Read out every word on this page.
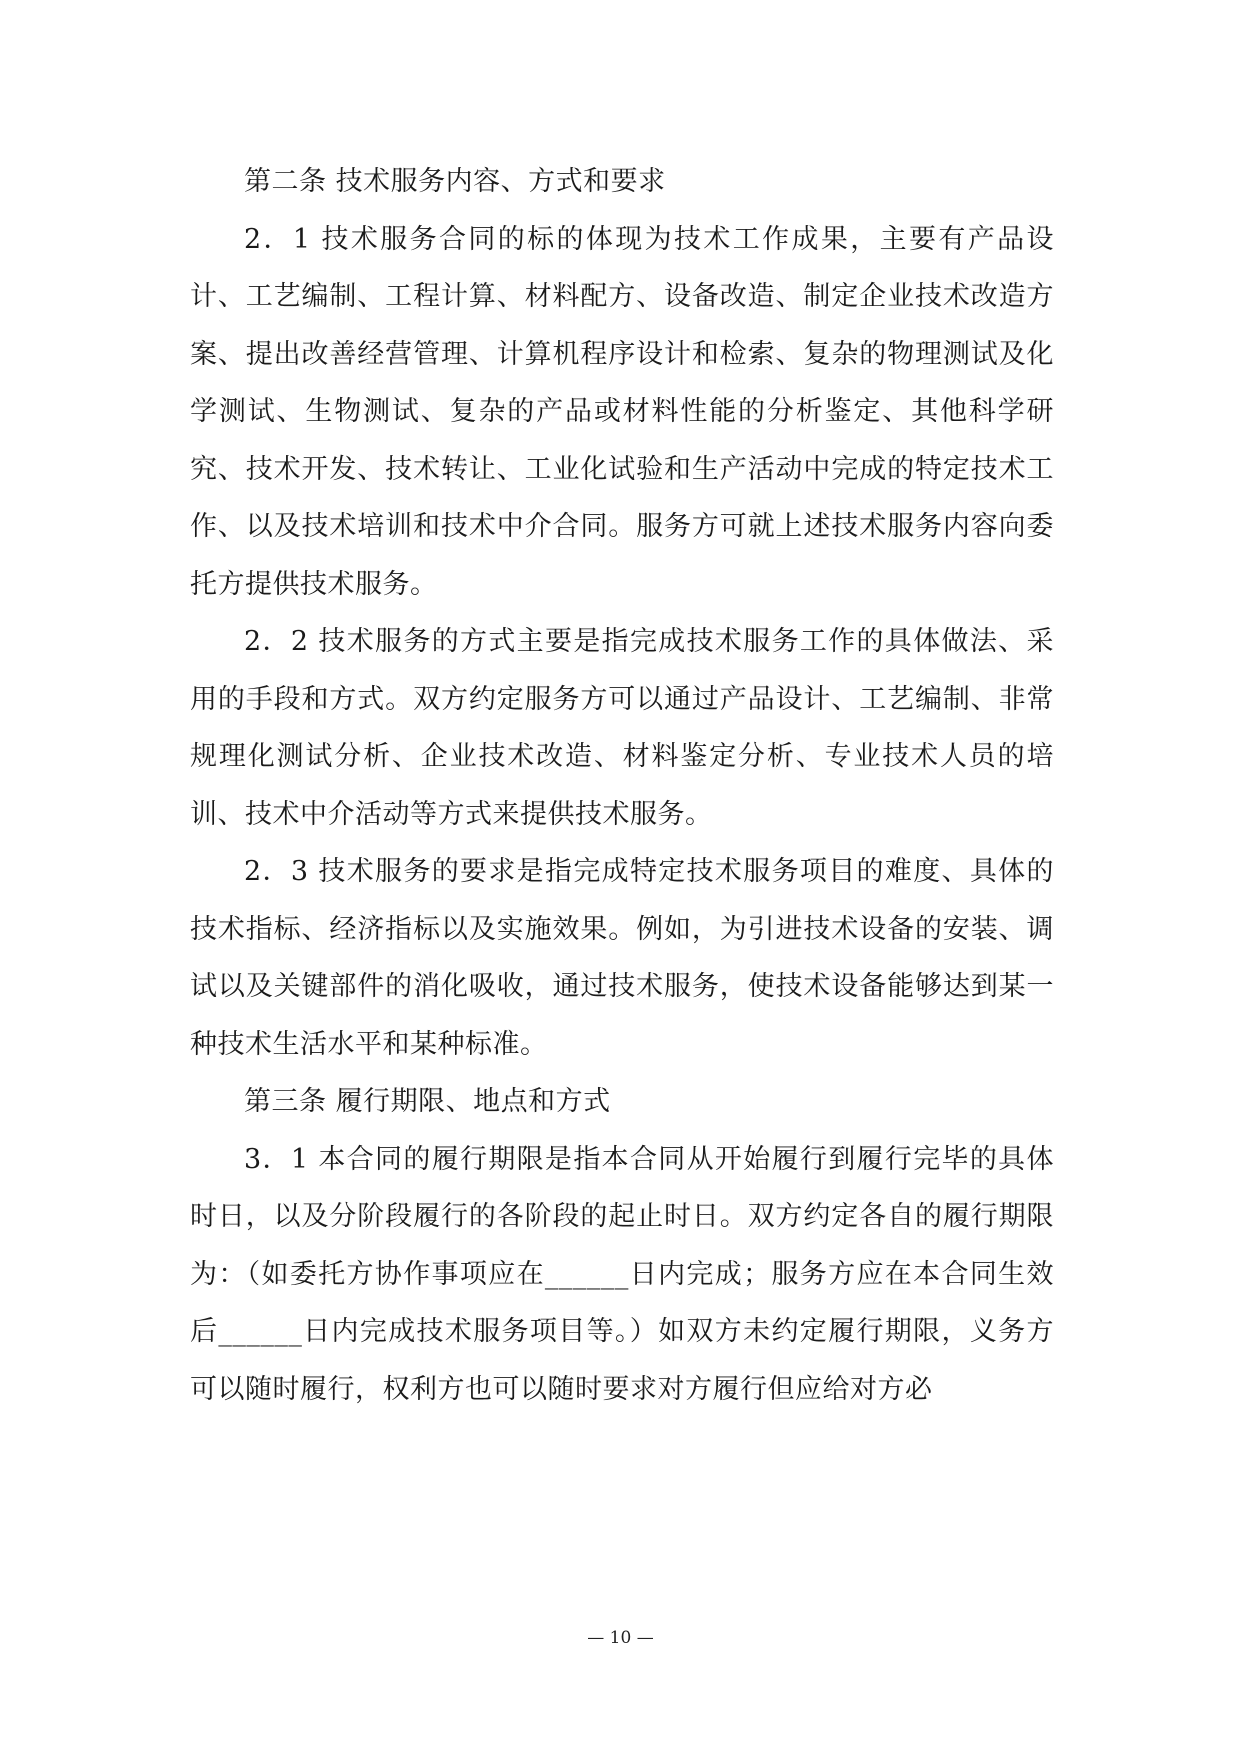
第二条 技术服务内容、方式和要求

2．1 技术服务合同的标的体现为技术工作成果，主要有产品设计、工艺编制、工程计算、材料配方、设备改造、制定企业技术改造方案、提出改善经营管理、计算机程序设计和检索、复杂的物理测试及化学测试、生物测试、复杂的产品或材料性能的分析鉴定、其他科学研究、技术开发、技术转让、工业化试验和生产活动中完成的特定技术工作、以及技术培训和技术中介合同。服务方可就上述技术服务内容向委托方提供技术服务。

2．2 技术服务的方式主要是指完成技术服务工作的具体做法、采用的手段和方式。双方约定服务方可以通过产品设计、工艺编制、非常规理化测试分析、企业技术改造、材料鉴定分析、专业技术人员的培训、技术中介活动等方式来提供技术服务。

2．3 技术服务的要求是指完成特定技术服务项目的难度、具体的技术指标、经济指标以及实施效果。例如，为引进技术设备的安装、调试以及关键部件的消化吸收，通过技术服务，使技术设备能够达到某一种技术生活水平和某种标准。

第三条 履行期限、地点和方式

3．1 本合同的履行期限是指本合同从开始履行到履行完毕的具体时日，以及分阶段履行的各阶段的起止时日。双方约定各自的履行期限为：（如委托方协作事项应在______日内完成；服务方应在本合同生效后______日内完成技术服务项目等。）如双方未约定履行期限，义务方可以随时履行，权利方也可以随时要求对方履行但应给对方必

— 10 —
